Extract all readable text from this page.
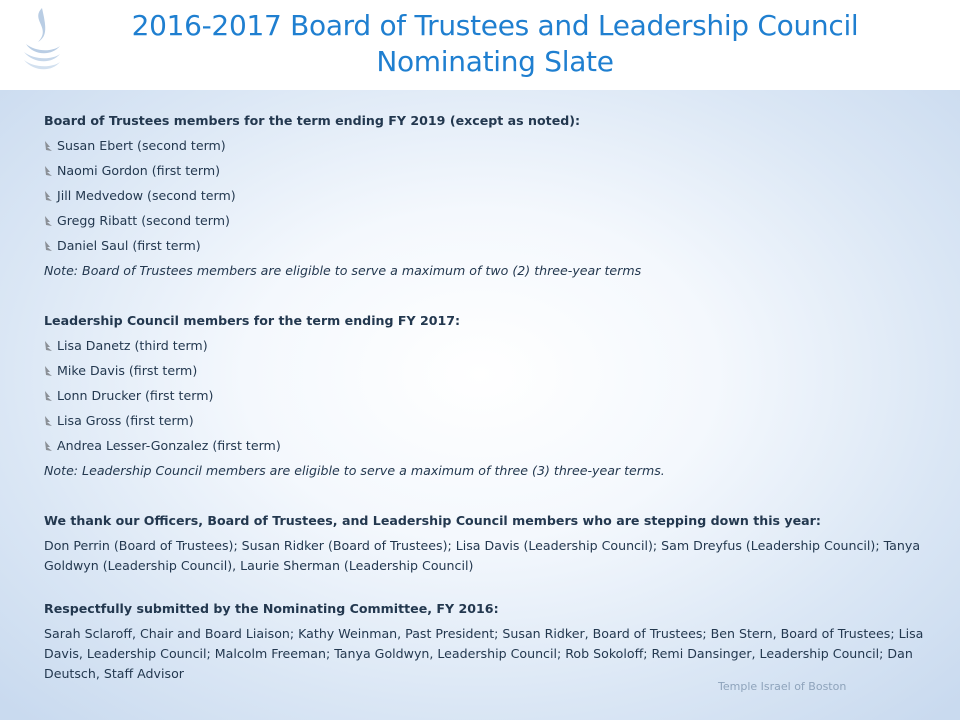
2016-2017 Board of Trustees and Leadership Council
Nominating Slate
Board of Trustees members for the term ending FY 2019 (except as noted):
Susan Ebert (second term)
Naomi Gordon (first term)
Jill Medvedow (second term)
Gregg Ribatt (second term)
Daniel Saul (first term)
Note: Board of Trustees members are eligible to serve a maximum of two (2) three-year terms
Leadership Council members for the term ending FY 2017:
Lisa Danetz (third term)
Mike Davis (first term)
Lonn Drucker (first term)
Lisa Gross (first term)
Andrea Lesser-Gonzalez (first term)
Note: Leadership Council members are eligible to serve a maximum of three (3) three-year terms.
We thank our Officers, Board of Trustees, and Leadership Council members who are stepping down this year:
Don Perrin (Board of Trustees); Susan Ridker (Board of Trustees); Lisa Davis (Leadership Council); Sam Dreyfus (Leadership Council); Tanya Goldwyn (Leadership Council), Laurie Sherman (Leadership Council)
Respectfully submitted by the Nominating Committee, FY 2016:
Sarah Sclaroff, Chair and Board Liaison; Kathy Weinman, Past President; Susan Ridker, Board of Trustees; Ben Stern, Board of Trustees; Lisa Davis, Leadership Council; Malcolm Freeman; Tanya Goldwyn, Leadership Council; Rob Sokoloff; Remi Dansinger, Leadership Council; Dan Deutsch, Staff Advisor
Temple Israel of Boston
